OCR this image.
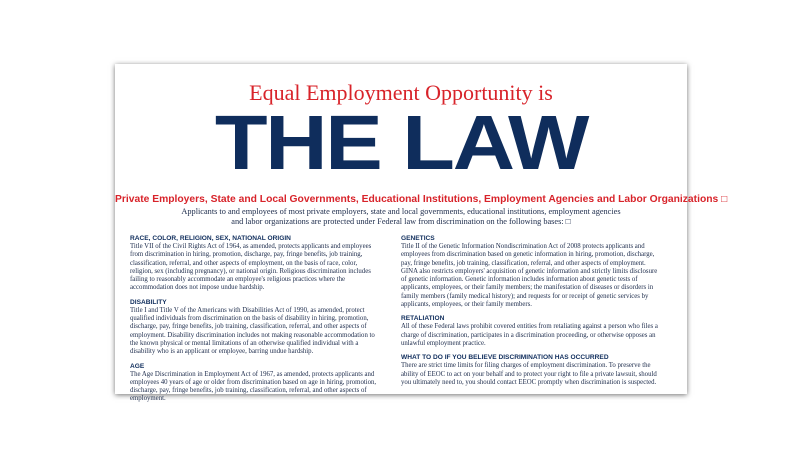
Equal Employment Opportunity is
THE LAW
Private Employers, State and Local Governments, Educational Institutions, Employment Agencies and Labor Organizations □
Applicants to and employees of most private employers, state and local governments, educational institutions, employment agencies and labor organizations are protected under Federal law from discrimination on the following bases: □
RACE, COLOR, RELIGION, SEX, NATIONAL ORIGIN

Title VII of the Civil Rights Act of 1964, as amended, protects applicants and employees from discrimination in hiring, promotion, discharge, pay, fringe benefits, job training, classification, referral, and other aspects of employment, on the basis of race, color, religion, sex (including pregnancy), or national origin. Religious discrimination includes failing to reasonably accommodate an employee's religious practices where the accommodation does not impose undue hardship.

DISABILITY

Title I and Title V of the Americans with Disabilities Act of 1990, as amended, protect qualified individuals from discrimination on the basis of disability in hiring, promotion, discharge, pay, fringe benefits, job training, classification, referral, and other aspects of employment. Disability discrimination includes not making reasonable accommodation to the known physical or mental limitations of an otherwise qualified individual with a disability who is an applicant or employee, barring undue hardship.

AGE

The Age Discrimination in Employment Act of 1967, as amended, protects applicants and employees 40 years of age or older from discrimination based on age in hiring, promotion, discharge, pay, fringe benefits, job training, classification, referral, and other aspects of employment.

GENETICS

Title II of the Genetic Information Nondiscrimination Act of 2008 protects applicants and employees from discrimination based on genetic information in hiring, promotion, discharge, pay, fringe benefits, job training, classification, referral, and other aspects of employment. GINA also restricts employers' acquisition of genetic information and strictly limits disclosure of genetic information. Genetic information includes information about genetic tests of applicants, employees, or their family members; the manifestation of diseases or disorders in family members (family medical history); and requests for or receipt of genetic services by applicants, employees, or their family members.

RETALIATION

All of these Federal laws prohibit covered entities from retaliating against a person who files a charge of discrimination, participates in a discrimination proceeding, or otherwise opposes an unlawful employment practice.

WHAT TO DO IF YOU BELIEVE DISCRIMINATION HAS OCCURRED

There are strict time limits for filing charges of employment discrimination. To preserve the ability of EEOC to act on your behalf and to protect your right to file a private lawsuit, should you ultimately need to, you should contact EEOC promptly when discrimination is suspected.
